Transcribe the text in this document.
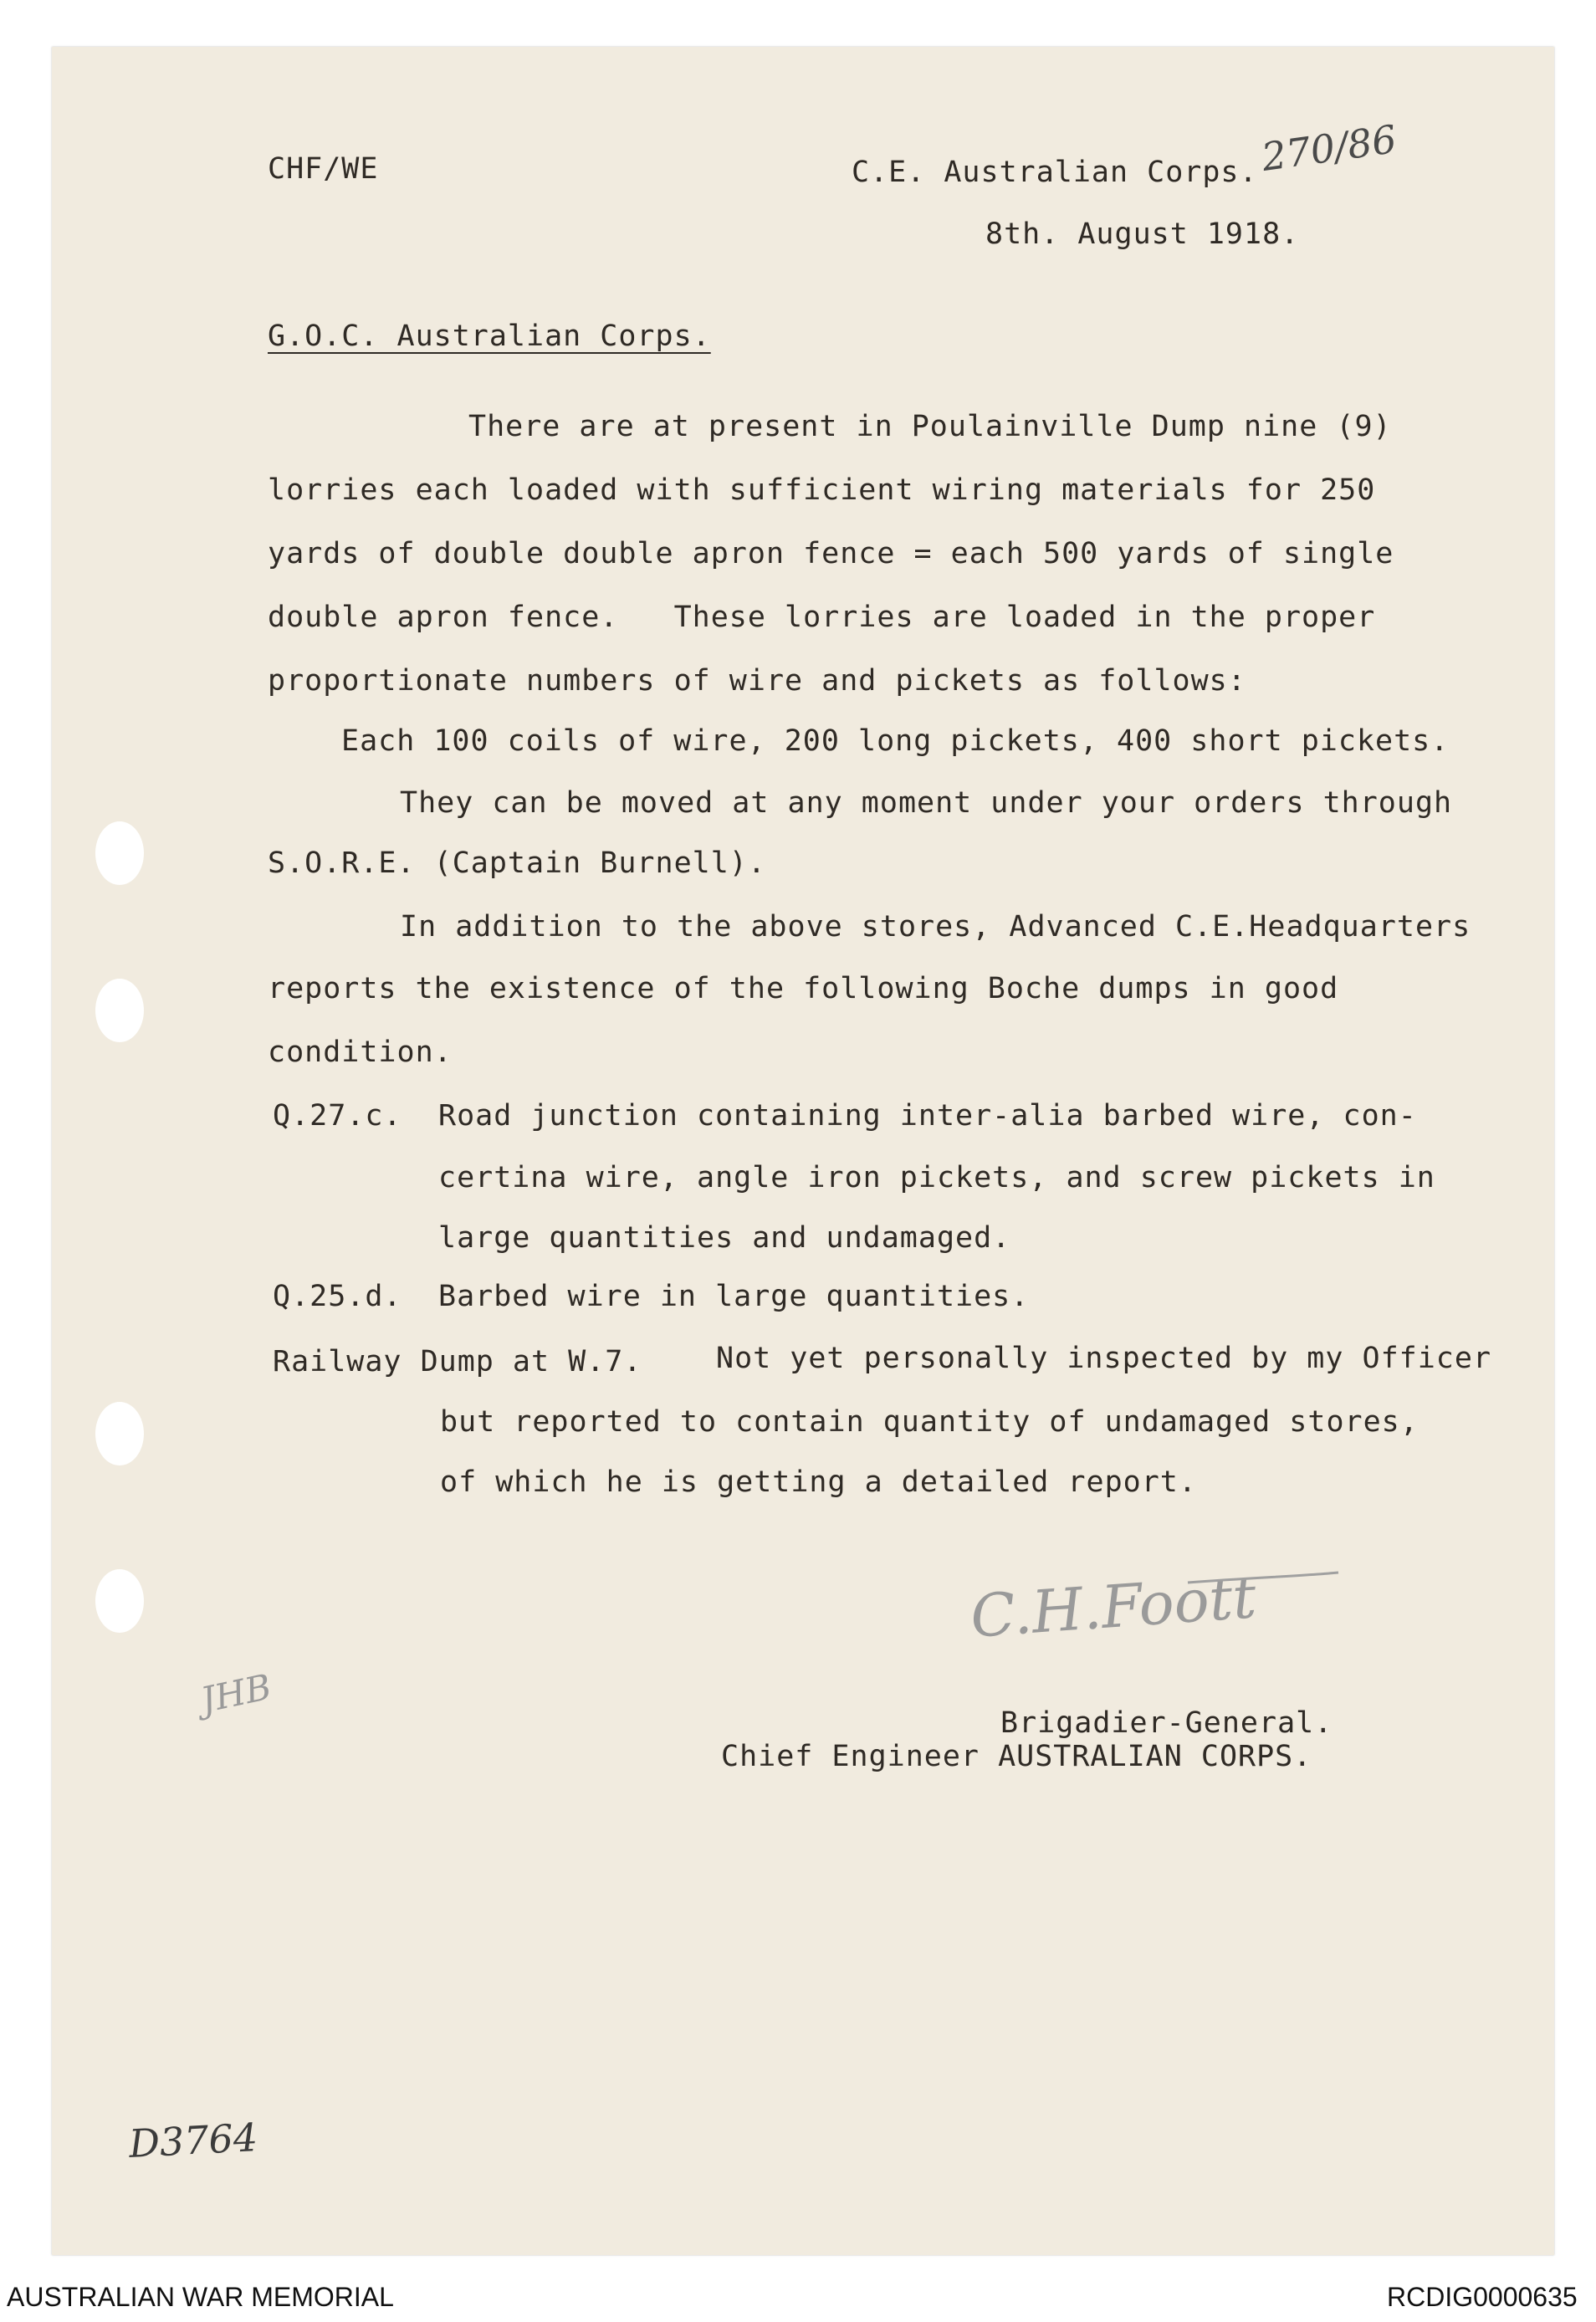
CHF/WE	C.E. Australian Corps. 270/86
8th. August 1918.
G.O.C. Australian Corps.
There are at present in Poulainville Dump nine (9)
lorries each loaded with sufficient wiring materials for 250
yards of double double apron fence = each 500 yards of single
double apron fence.   These lorries are loaded in the proper
proportionate numbers of wire and pickets as follows:
Each 100 coils of wire, 200 long pickets, 400 short pickets.
They can be moved at any moment under your orders through
S.O.R.E. (Captain Burnell).
In addition to the above stores, Advanced C.E.Headquarters
reports the existence of the following Boche dumps in good
condition.
Q.27.c. Road junction containing inter-alia barbed wire, con-
certina wire, angle iron pickets, and screw pickets in
large quantities and undamaged.
Q.25.d. Barbed wire in large quantities.
Railway Dump at W.7.	Not yet personally inspected by my Officer
but reported to contain quantity of undamaged stores,
of which he is getting a detailed report.
C.H.Foott
JHB
Brigadier-General.
Chief Engineer AUSTRALIAN CORPS.
D3764
AUSTRALIAN WAR MEMORIAL	RCDIG0000635
